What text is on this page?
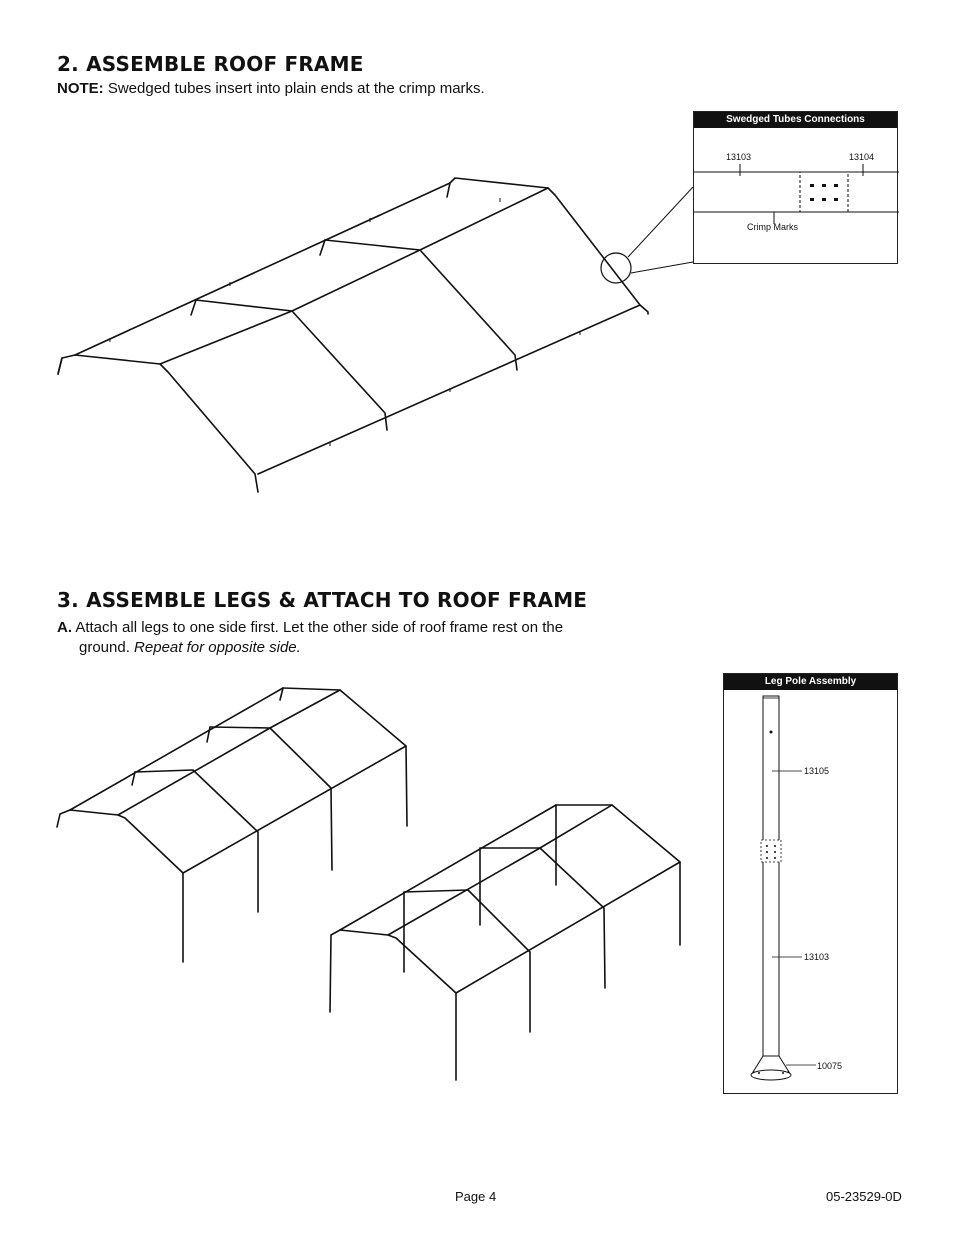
2. ASSEMBLE ROOF FRAME
NOTE: Swedged tubes insert into plain ends at the crimp marks.
Swedged Tubes Connections
13103	13104
Crimp Marks
3. ASSEMBLE LEGS & ATTACH TO ROOF FRAME
A. Attach all legs to one side first. Let the other side of roof frame rest on the
ground. Repeat for opposite side.
Leg Pole Assembly
13105
13103
10075
Page 4	05-23529-0D
